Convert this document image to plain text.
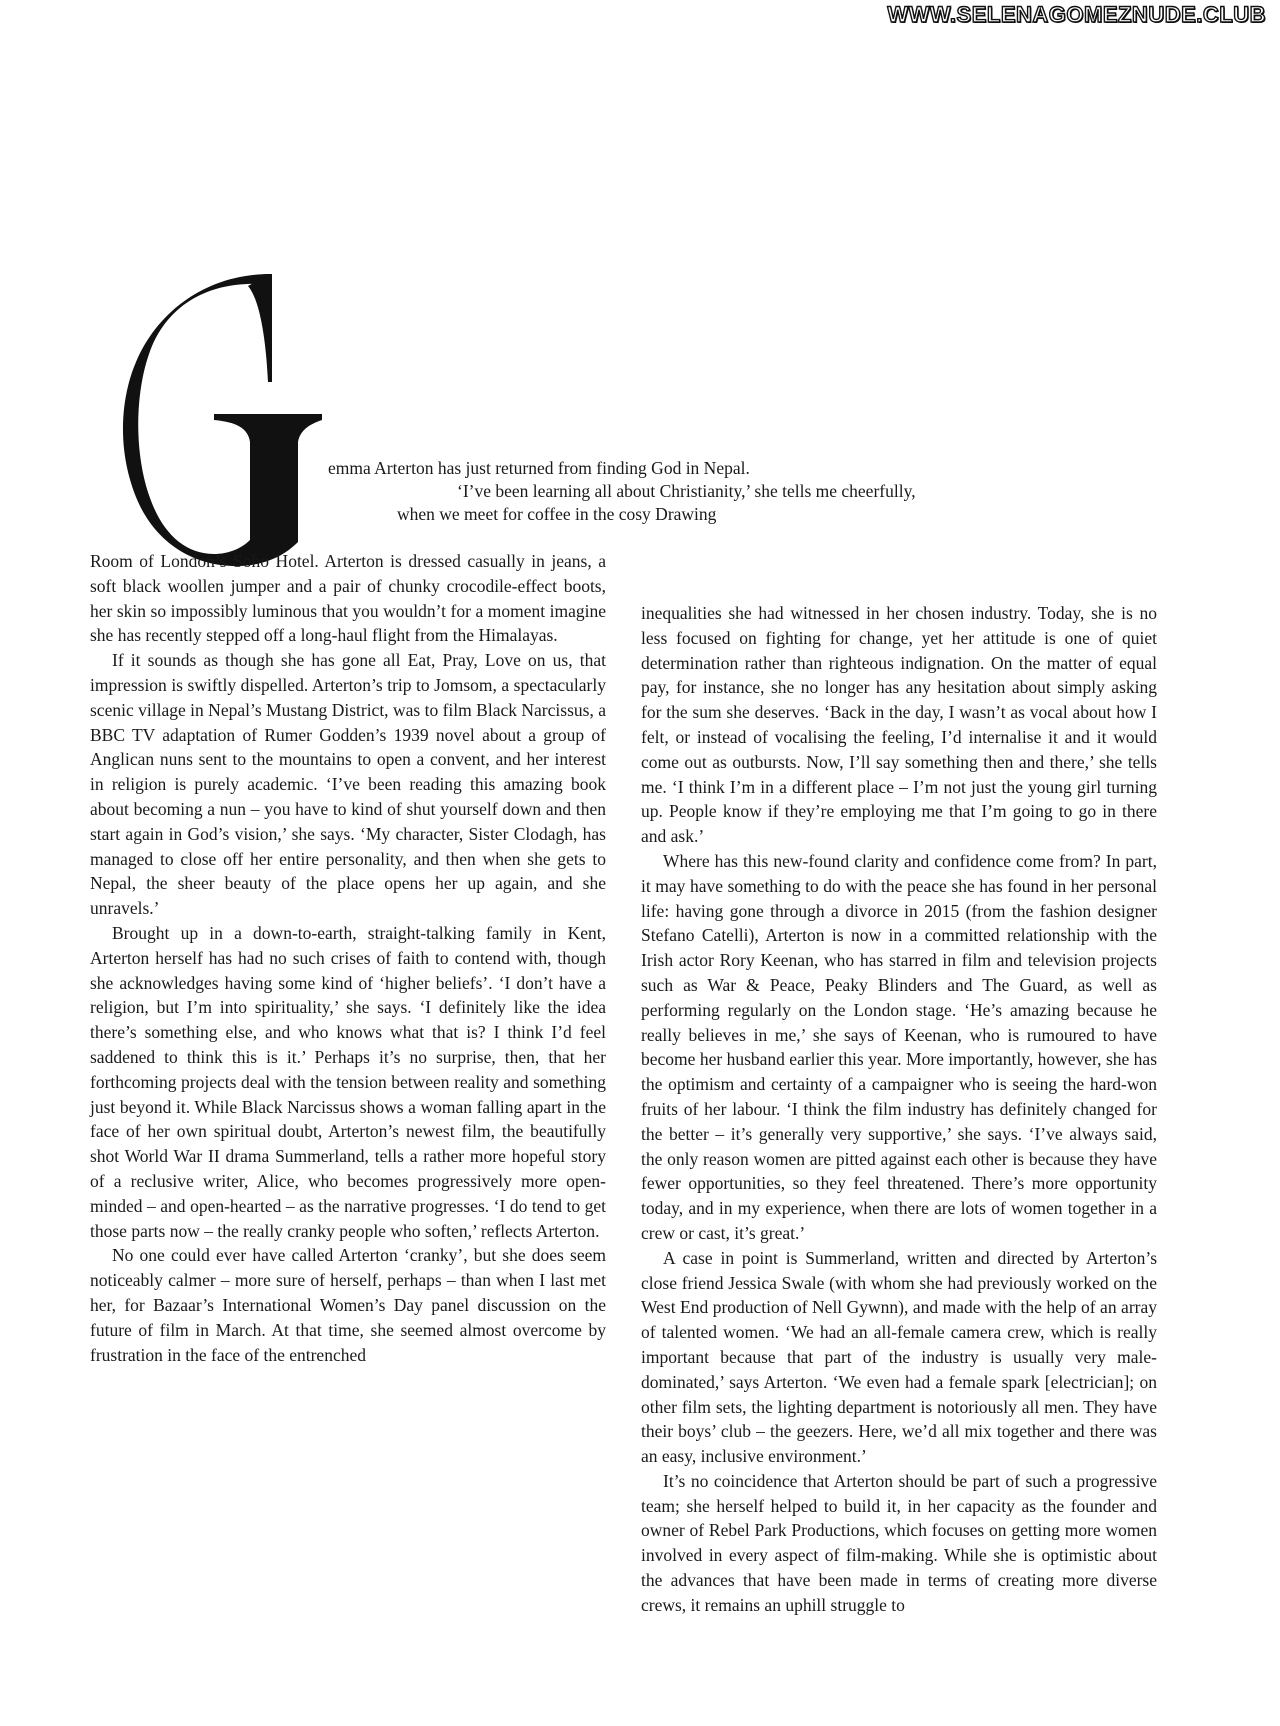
WWW.SELENAGOMEZNUDE.CLUB

emma Arterton has just returned from finding God in Nepal.

‘I’ve been learning all about Christianity,’ she tells me cheerfully,

when we meet for coffee in the cosy Drawing

Room of London’s Soho Hotel. Arterton is dressed casually in jeans, a soft black woollen jumper and a pair of chunky crocodile-effect boots, her skin so impossibly luminous that you wouldn’t for a moment imagine she has recently stepped off a long-haul flight from the Himalayas.

If it sounds as though she has gone all Eat, Pray, Love on us, that impression is swiftly dispelled. Arterton’s trip to Jomsom, a spectacularly scenic village in Nepal’s Mustang District, was to film Black Narcissus, a BBC TV adaptation of Rumer Godden’s 1939 novel about a group of Anglican nuns sent to the mountains to open a convent, and her interest in religion is purely academic. ‘I’ve been reading this amazing book about becoming a nun – you have to kind of shut yourself down and then start again in God’s vision,’ she says. ‘My character, Sister Clodagh, has managed to close off her entire personality, and then when she gets to Nepal, the sheer beauty of the place opens her up again, and she unravels.’

Brought up in a down-to-earth, straight-talking family in Kent, Arterton herself has had no such crises of faith to contend with, though she acknowledges having some kind of ‘higher beliefs’. ‘I don’t have a religion, but I’m into spirituality,’ she says. ‘I definitely like the idea there’s something else, and who knows what that is? I think I’d feel saddened to think this is it.’ Perhaps it’s no surprise, then, that her forthcoming projects deal with the tension between reality and something just beyond it. While Black Narcissus shows a woman falling apart in the face of her own spiritual doubt, Arterton’s newest film, the beautifully shot World War II drama Summerland, tells a rather more hopeful story of a reclusive writer, Alice, who becomes progressively more open-minded – and open-hearted – as the narrative progresses. ‘I do tend to get those parts now – the really cranky people who soften,’ reflects Arterton.

No one could ever have called Arterton ‘cranky’, but she does seem noticeably calmer – more sure of herself, perhaps – than when I last met her, for Bazaar’s International Women’s Day panel discussion on the future of film in March. At that time, she seemed almost overcome by frustration in the face of the entrenched

inequalities she had witnessed in her chosen industry. Today, she is no less focused on fighting for change, yet her attitude is one of quiet determination rather than righteous indignation. On the matter of equal pay, for instance, she no longer has any hesitation about simply asking for the sum she deserves. ‘Back in the day, I wasn’t as vocal about how I felt, or instead of vocalising the feeling, I’d internalise it and it would come out as outbursts. Now, I’ll say something then and there,’ she tells me. ‘I think I’m in a different place – I’m not just the young girl turning up. People know if they’re employing me that I’m going to go in there and ask.’

Where has this new-found clarity and confidence come from? In part, it may have something to do with the peace she has found in her personal life: having gone through a divorce in 2015 (from the fashion designer Stefano Catelli), Arterton is now in a committed relationship with the Irish actor Rory Keenan, who has starred in film and television projects such as War & Peace, Peaky Blinders and The Guard, as well as performing regularly on the London stage. ‘He’s amazing because he really believes in me,’ she says of Keenan, who is rumoured to have become her husband earlier this year. More importantly, however, she has the optimism and certainty of a campaigner who is seeing the hard-won fruits of her labour. ‘I think the film industry has definitely changed for the better – it’s generally very supportive,’ she says. ‘I’ve always said, the only reason women are pitted against each other is because they have fewer opportunities, so they feel threatened. There’s more opportunity today, and in my experience, when there are lots of women together in a crew or cast, it’s great.’

A case in point is Summerland, written and directed by Arterton’s close friend Jessica Swale (with whom she had previously worked on the West End production of Nell Gywnn), and made with the help of an array of talented women. ‘We had an all-female camera crew, which is really important because that part of the industry is usually very male-dominated,’ says Arterton. ‘We even had a female spark [electrician]; on other film sets, the lighting department is notoriously all men. They have their boys’ club – the geezers. Here, we’d all mix together and there was an easy, inclusive environment.’

It’s no coincidence that Arterton should be part of such a progressive team; she herself helped to build it, in her capacity as the founder and owner of Rebel Park Productions, which focuses on getting more women involved in every aspect of film-making. While she is optimistic about the advances that have been made in terms of creating more diverse crews, it remains an uphill struggle to
